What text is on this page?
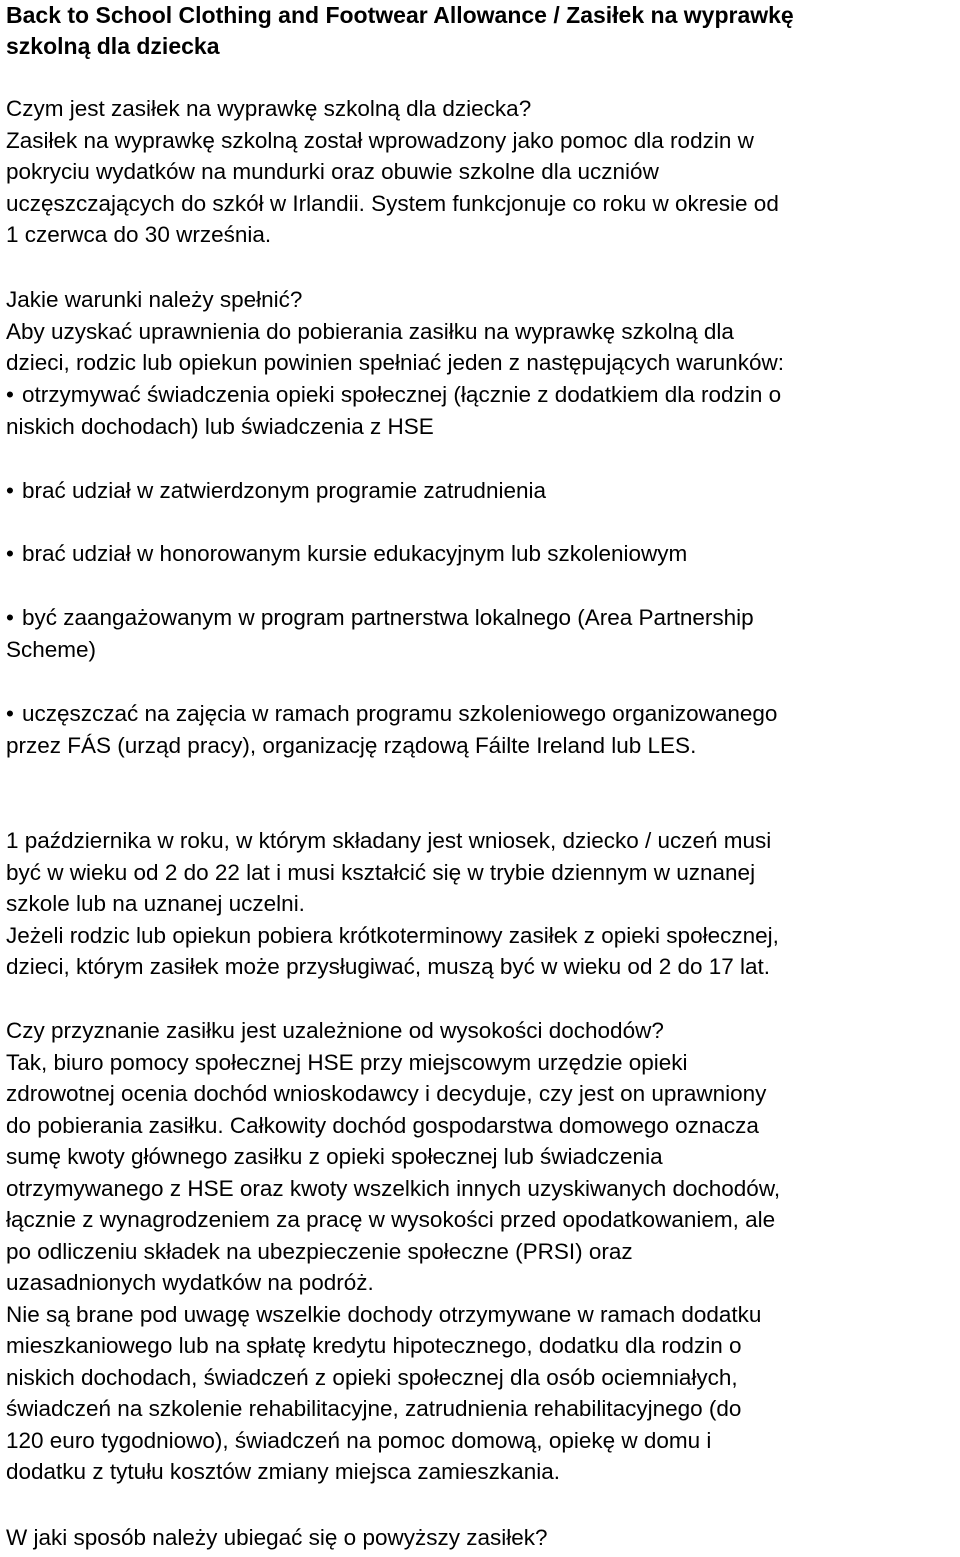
Back to School Clothing and Footwear Allowance / Zasiłek na wyprawkę
szkolną dla dziecka
Czym jest zasiłek na wyprawkę szkolną dla dziecka?
Zasiłek na wyprawkę szkolną został wprowadzony jako pomoc dla rodzin w
pokryciu wydatków na mundurki oraz obuwie szkolne dla uczniów
uczęszczających do szkół w Irlandii. System funkcjonuje co roku w okresie od
1 czerwca do 30 września.
Jakie warunki należy spełnić?
Aby uzyskać uprawnienia do pobierania zasiłku na wyprawkę szkolną dla
dzieci, rodzic lub opiekun powinien spełniać jeden z następujących warunków:
• otrzymywać świadczenia opieki społecznej (łącznie z dodatkiem dla rodzin o
niskich dochodach) lub świadczenia z HSE
• brać udział w zatwierdzonym programie zatrudnienia
• brać udział w honorowanym kursie edukacyjnym lub szkoleniowym
• być zaangażowanym w program partnerstwa lokalnego (Area Partnership
Scheme)
• uczęszczać na zajęcia w ramach programu szkoleniowego organizowanego
przez FÁS (urząd pracy), organizację rządową Fáilte Ireland lub LES.
1 października w roku, w którym składany jest wniosek, dziecko / uczeń musi
być w wieku od 2 do 22 lat i musi kształcić się w trybie dziennym w uznanej
szkole lub na uznanej uczelni.
Jeżeli rodzic lub opiekun pobiera krótkoterminowy zasiłek z opieki społecznej,
dzieci, którym zasiłek może przysługiwać, muszą być w wieku od 2 do 17 lat.
Czy przyznanie zasiłku jest uzależnione od wysokości dochodów?
Tak, biuro pomocy społecznej HSE przy miejscowym urzędzie opieki
zdrowotnej ocenia dochód wnioskodawcy i decyduje, czy jest on uprawniony
do pobierania zasiłku. Całkowity dochód gospodarstwa domowego oznacza
sumę kwoty głównego zasiłku z opieki społecznej lub świadczenia
otrzymywanego z HSE oraz kwoty wszelkich innych uzyskiwanych dochodów,
łącznie z wynagrodzeniem za pracę w wysokości przed opodatkowaniem, ale
po odliczeniu składek na ubezpieczenie społeczne (PRSI) oraz
uzasadnionych wydatków na podróż.
Nie są brane pod uwagę wszelkie dochody otrzymywane w ramach dodatku
mieszkaniowego lub na spłatę kredytu hipotecznego, dodatku dla rodzin o
niskich dochodach, świadczeń z opieki społecznej dla osób ociemniałych,
świadczeń na szkolenie rehabilitacyjne, zatrudnienia rehabilitacyjnego (do
120 euro tygodniowo), świadczeń na pomoc domową, opiekę w domu i
dodatku z tytułu kosztów zmiany miejsca zamieszkania.
W jaki sposób należy ubiegać się o powyższy zasiłek?
